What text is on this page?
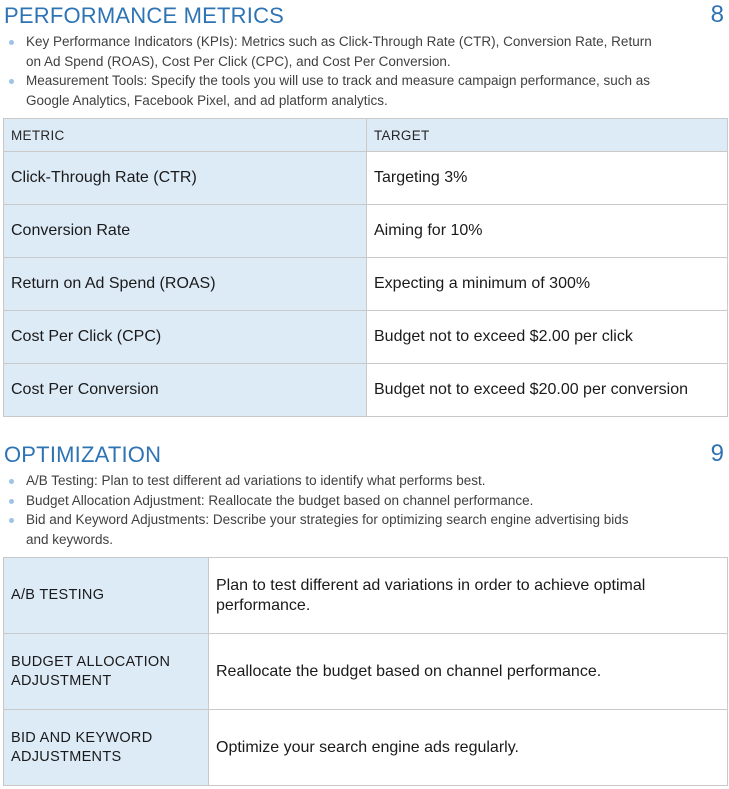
PERFORMANCE METRICS	8
Key Performance Indicators (KPIs): Metrics such as Click-Through Rate (CTR), Conversion Rate, Return on Ad Spend (ROAS), Cost Per Click (CPC), and Cost Per Conversion.
Measurement Tools: Specify the tools you will use to track and measure campaign performance, such as Google Analytics, Facebook Pixel, and ad platform analytics.
METRIC	TARGET
Click-Through Rate (CTR)	Targeting 3%
Conversion Rate	Aiming for 10%
Return on Ad Spend (ROAS)	Expecting a minimum of 300%
Cost Per Click (CPC)	Budget not to exceed $2.00 per click
Cost Per Conversion	Budget not to exceed $20.00 per conversion
OPTIMIZATION	9
A/B Testing: Plan to test different ad variations to identify what performs best.
Budget Allocation Adjustment: Reallocate the budget based on channel performance.
Bid and Keyword Adjustments: Describe your strategies for optimizing search engine advertising bids and keywords.
A/B TESTING	Plan to test different ad variations in order to achieve optimal performance.
BUDGET ALLOCATION ADJUSTMENT	Reallocate the budget based on channel performance.
BID AND KEYWORD ADJUSTMENTS	Optimize your search engine ads regularly.
